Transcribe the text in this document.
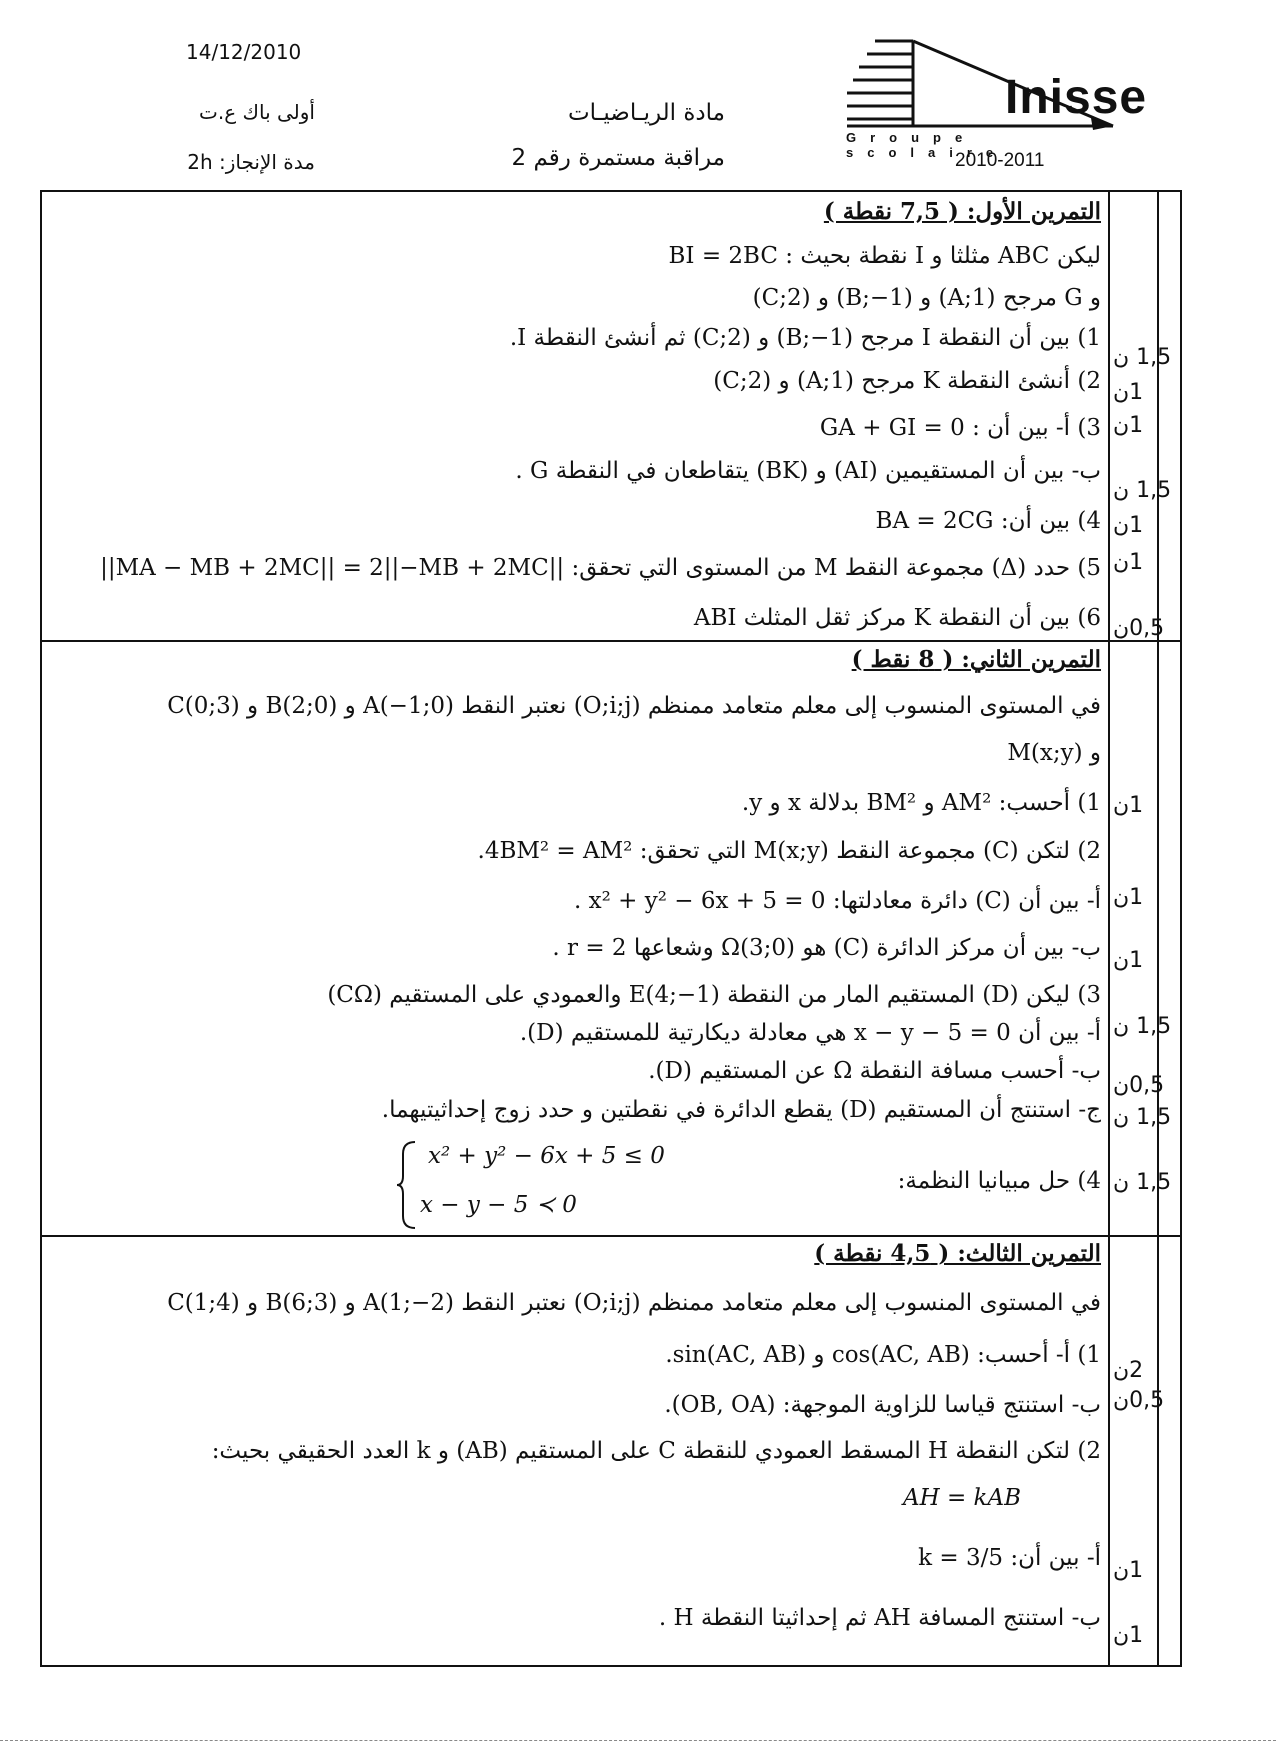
14/12/2010
أولى باك ع.ت
مدة الإنجاز: 2h
مادة الريـاضيـات
مراقبة مستمرة رقم 2
Inisse
Groupe scolaire
2010-2011
التمرين الأول: ( 7,5 نقطة )
ليكن ABC مثلثا و I نقطة بحيث : BI = 2BC
و G مرجح (A;1) و (B;−1) و (C;2)
1) بين أن النقطة I مرجح (B;−1) و (C;2) ثم أنشئ النقطة I.
2) أنشئ النقطة K مرجح (A;1) و (C;2)
3) أ- بين أن : GA + GI = 0
ب- بين أن المستقيمين (AI) و (BK) يتقاطعان في النقطة G .
4) بين أن: BA = 2CG
5) حدد (Δ) مجموعة النقط M من المستوى التي تحقق: ||MA − MB + 2MC|| = 2||−MB + 2MC||
6) بين أن النقطة K مركز ثقل المثلث ABI
1,5 ن
1ن
1ن
1,5 ن
1ن
1ن
0,5ن
التمرين الثاني: ( 8 نقط )
في المستوى المنسوب إلى معلم متعامد ممنظم (O;i;j) نعتبر النقط A(−1;0) و B(2;0) و C(0;3)
و M(x;y)
1) أحسب: AM² و BM² بدلالة x و y.
2) لتكن (C) مجموعة النقط M(x;y) التي تحقق: 4BM² = AM².
أ- بين أن (C) دائرة معادلتها: x² + y² − 6x + 5 = 0 .
ب- بين أن مركز الدائرة (C) هو Ω(3;0) وشعاعها r = 2 .
3) ليكن (D) المستقيم المار من النقطة E(4;−1) والعمودي على المستقيم (CΩ)
أ- بين أن x − y − 5 = 0 هي معادلة ديكارتية للمستقيم (D).
ب- أحسب مسافة النقطة Ω عن المستقيم (D).
ج- استنتج أن المستقيم (D) يقطع الدائرة في نقطتين و حدد زوج إحداثيتيهما.
4) حل مبيانيا النظمة:
x² + y² − 6x + 5 ≤ 0
x − y − 5 ≺ 0
1ن
1ن
1ن
1,5 ن
0,5ن
1,5 ن
1,5 ن
التمرين الثالث: ( 4,5 نقطة )
في المستوى المنسوب إلى معلم متعامد ممنظم (O;i;j) نعتبر النقط A(1;−2) و B(6;3) و C(1;4)
1) أ- أحسب: cos(AC, AB) و sin(AC, AB).
ب- استنتج قياسا للزاوية الموجهة: (OB, OA).
2) لتكن النقطة H المسقط العمودي للنقطة C على المستقيم (AB) و k العدد الحقيقي بحيث:
AH = kAB
أ- بين أن: k = 3/5
ب- استنتج المسافة AH ثم إحداثيتا النقطة H .
2ن
0,5ن
1ن
1ن
